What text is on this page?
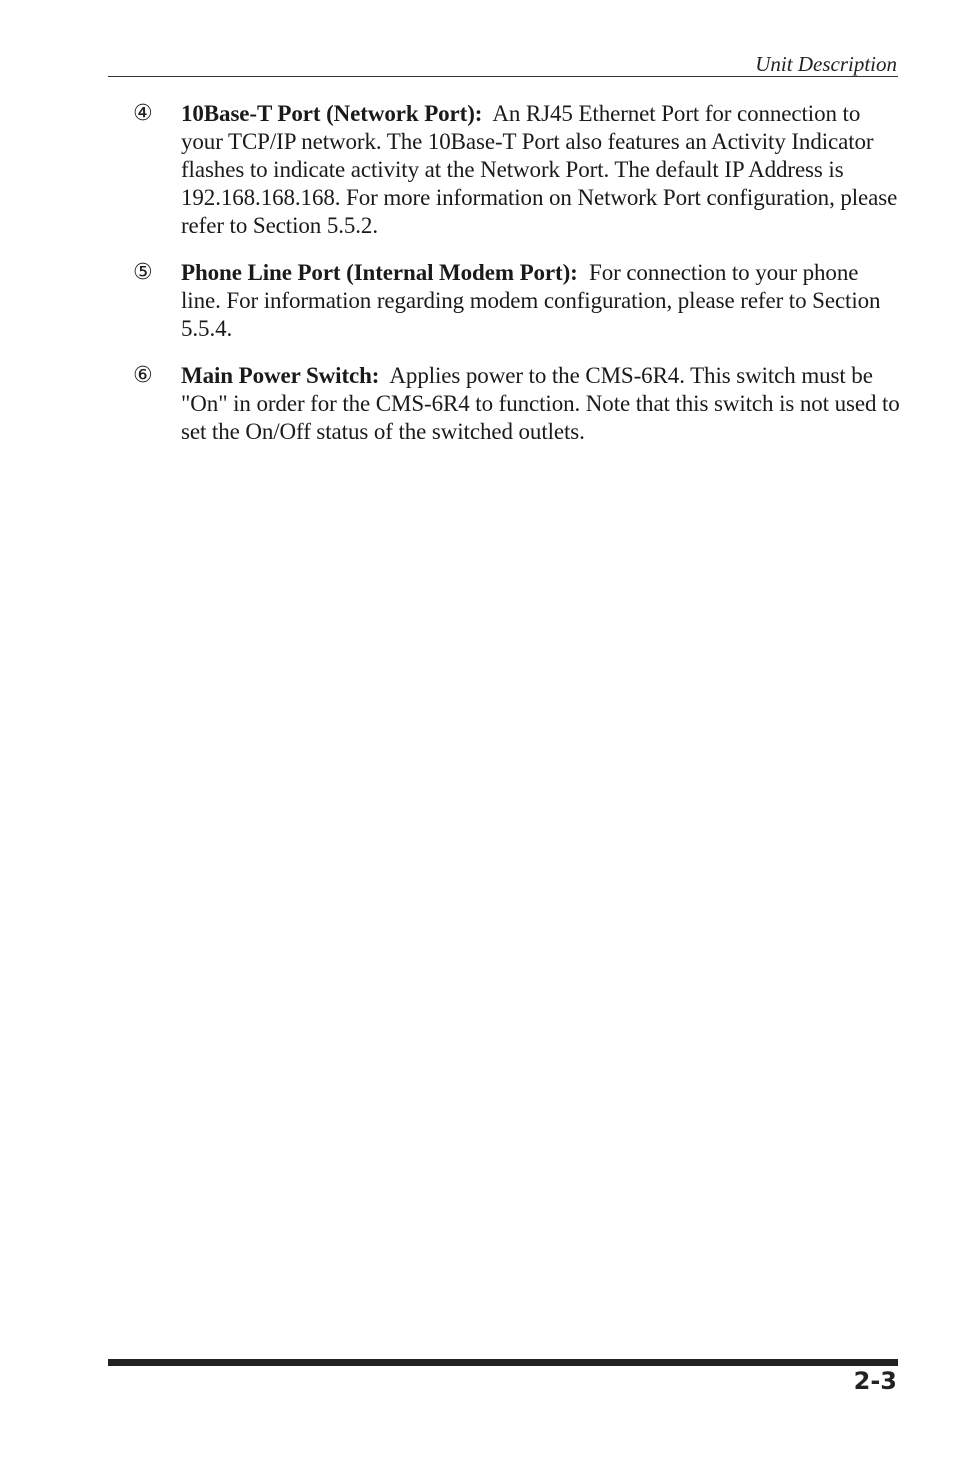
Unit Description
④ 10Base-T Port (Network Port): An RJ45 Ethernet Port for connection to your TCP/IP network. The 10Base-T Port also features an Activity Indicator flashes to indicate activity at the Network Port. The default IP Address is 192.168.168.168. For more information on Network Port configuration, please refer to Section 5.5.2.
⑤ Phone Line Port (Internal Modem Port): For connection to your phone line. For information regarding modem configuration, please refer to Section 5.5.4.
⑥ Main Power Switch: Applies power to the CMS-6R4. This switch must be "On" in order for the CMS-6R4 to function. Note that this switch is not used to set the On/Off status of the switched outlets.
2-3
